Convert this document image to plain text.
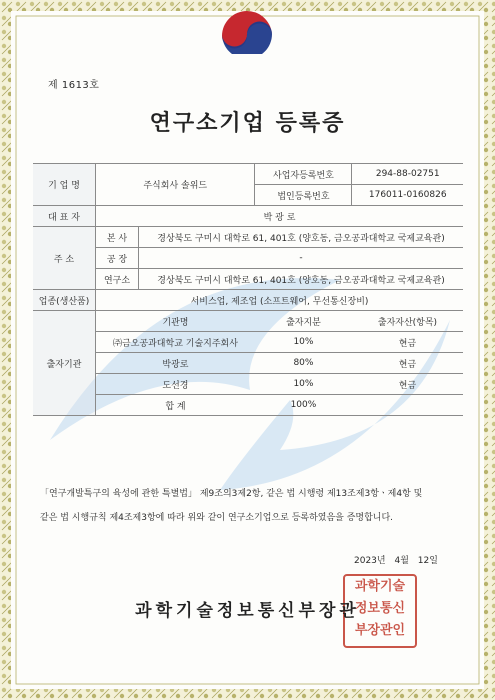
제 1613호
연구소기업 등록증
기 업 명	주식회사 솔위드		사업자등록번호	294-88-02751
			법인등록번호	176011-0160826
대 표 자	박 광 로			
주 소	본 사	경상북도 구미시 대학로 61, 401호 (양호동, 금오공과대학교 국제교육관)		
	공 장	-		
	연구소	경상북도 구미시 대학로 61, 401호 (양호동, 금오공과대학교 국제교육관)		
업종(생산품)	서비스업, 제조업 (소프트웨어, 무선통신장비)			
출자기관	기관명		출자지분	출자자산(항목)
	㈜금오공과대학교 기술지주회사		10%	현금
	박광로		80%	현금
	도선경		10%	현금
	합 계		100%	
「연구개발특구의 육성에 관한 특별법」 제9조의3제2항, 같은 법 시행령 제13조제3항ㆍ제4항 및
같은 법 시행규칙 제4조제3항에 따라 위와 같이 연구소기업으로 등록하였음을 증명합니다.
2023년 4월 12일
과학기술
정보통신
부장관인
과학기술정보통신부장관
